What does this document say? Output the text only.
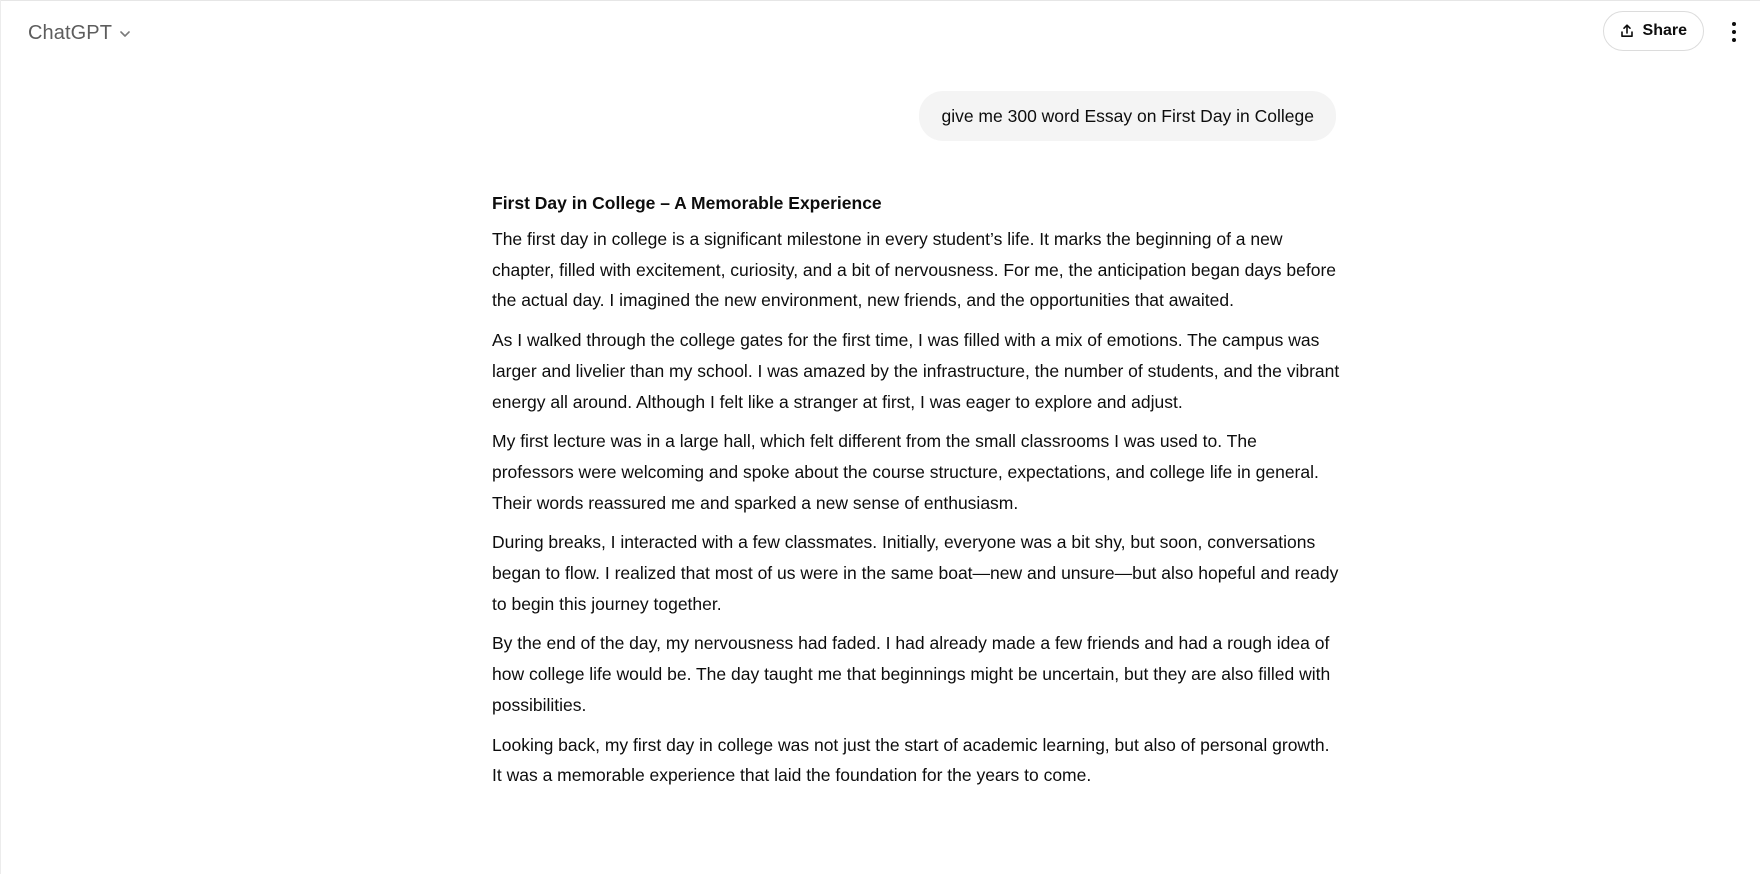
ChatGPT	Share
give me 300 word Essay on First Day in College
First Day in College – A Memorable Experience

The first day in college is a significant milestone in every student’s life. It marks the beginning of a new chapter, filled with excitement, curiosity, and a bit of nervousness. For me, the anticipation began days before the actual day. I imagined the new environment, new friends, and the opportunities that awaited.

As I walked through the college gates for the first time, I was filled with a mix of emotions. The campus was larger and livelier than my school. I was amazed by the infrastructure, the number of students, and the vibrant energy all around. Although I felt like a stranger at first, I was eager to explore and adjust.

My first lecture was in a large hall, which felt different from the small classrooms I was used to. The professors were welcoming and spoke about the course structure, expectations, and college life in general. Their words reassured me and sparked a new sense of enthusiasm.

During breaks, I interacted with a few classmates. Initially, everyone was a bit shy, but soon, conversations began to flow. I realized that most of us were in the same boat—new and unsure—but also hopeful and ready to begin this journey together.

By the end of the day, my nervousness had faded. I had already made a few friends and had a rough idea of how college life would be. The day taught me that beginnings might be uncertain, but they are also filled with possibilities.

Looking back, my first day in college was not just the start of academic learning, but also of personal growth. It was a memorable experience that laid the foundation for the years to come.
